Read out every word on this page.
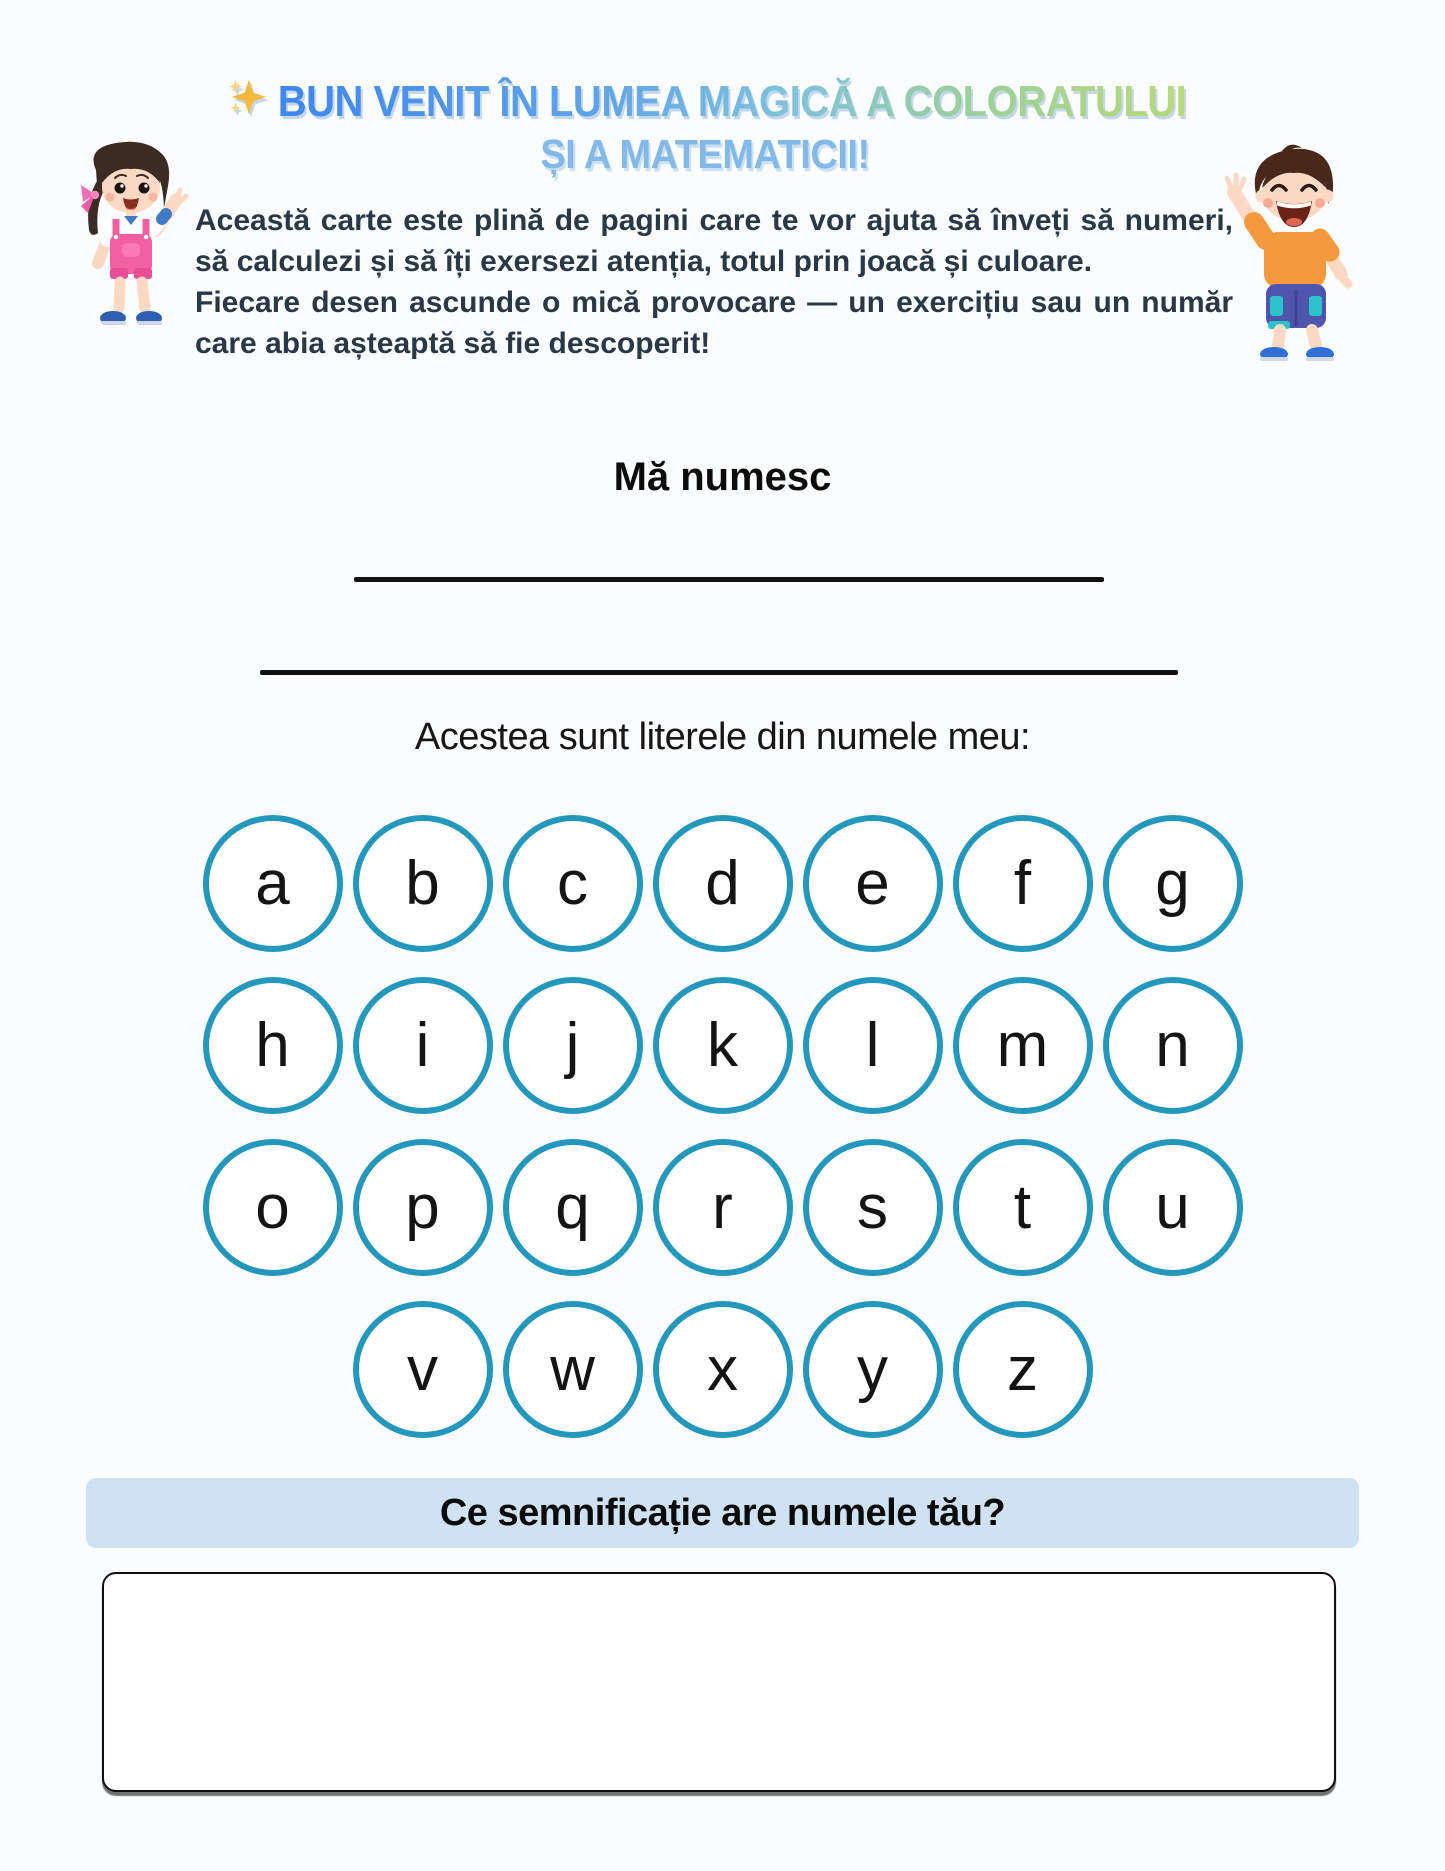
BUN VENIT ÎN LUMEA MAGICĂ A COLORATULUI
ȘI A MATEMATICII!

Această carte este plină de pagini care te vor ajuta să înveți să numeri, să calculezi și să îți exersezi atenția, totul prin joacă și culoare.

Fiecare desen ascunde o mică provocare — un exercițiu sau un număr care abia așteaptă să fie descoperit!

Mă numesc
Acestea sunt literele din numele meu:
a b c d e f g
h i j k l m n
o p q r s t u
v w x y z
Ce semnificație are numele tău?
